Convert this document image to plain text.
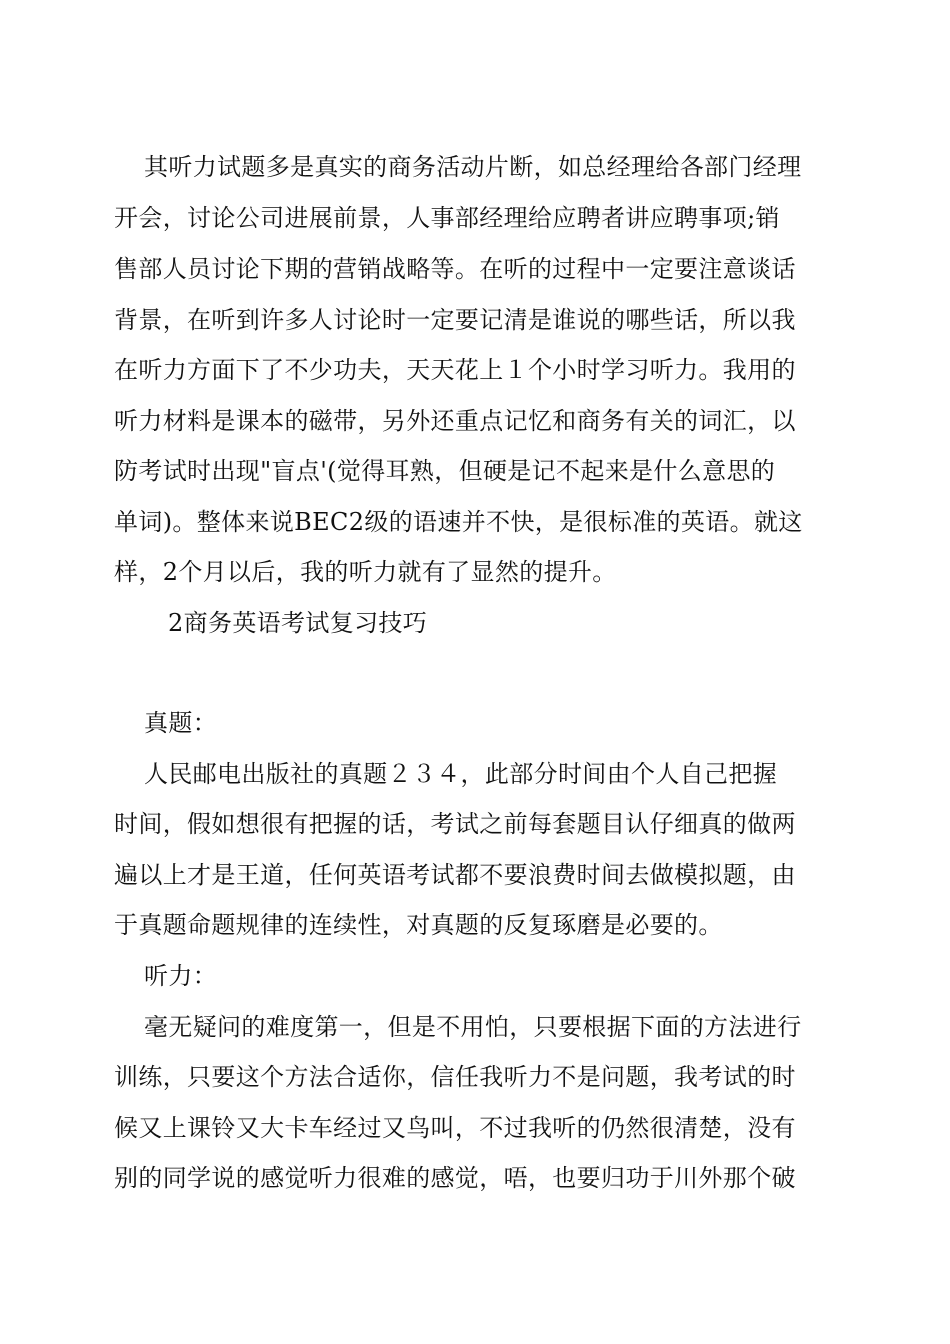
其听力试题多是真实的商务活动片断，如总经理给各部门经理
开会，讨论公司进展前景，人事部经理给应聘者讲应聘事项;销
售部人员讨论下期的营销战略等。在听的过程中一定要注意谈话
背景，在听到许多人讨论时一定要记清是谁说的哪些话，所以我
在听力方面下了不少功夫，天天花上１个小时学习听力。我用的
听力材料是课本的磁带，另外还重点记忆和商务有关的词汇，以
防考试时出现"盲点'(觉得耳熟，但硬是记不起来是什么意思的
单词)。整体来说BEC2级的语速并不快，是很标准的英语。就这
样，2个月以后，我的听力就有了显然的提升。
2商务英语考试复习技巧
真题：
人民邮电出版社的真题２３４，此部分时间由个人自己把握
时间，假如想很有把握的话，考试之前每套题目认仔细真的做两
遍以上才是王道，任何英语考试都不要浪费时间去做模拟题，由
于真题命题规律的连续性，对真题的反复琢磨是必要的。
听力：
毫无疑问的难度第一，但是不用怕，只要根据下面的方法进行
训练，只要这个方法合适你，信任我听力不是问题，我考试的时
候又上课铃又大卡车经过又鸟叫，不过我听的仍然很清楚，没有
别的同学说的感觉听力很难的感觉，唔，也要归功于川外那个破
